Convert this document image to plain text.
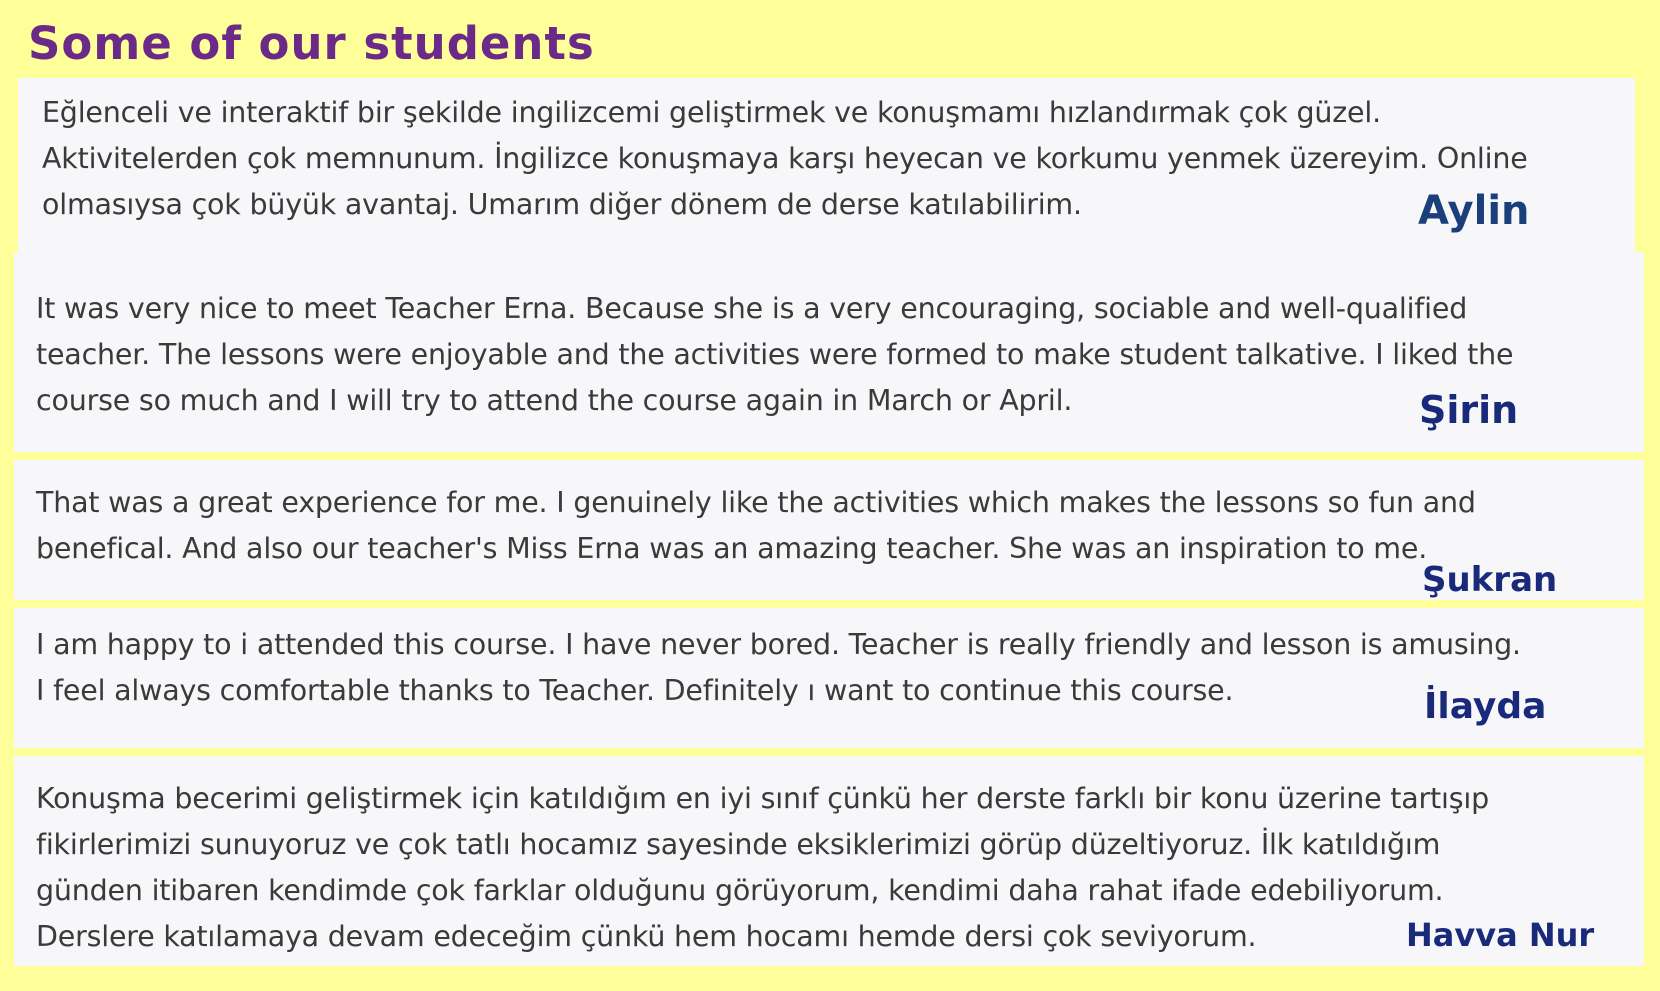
Some of our students

Eğlenceli ve interaktif bir şekilde ingilizcemi geliştirmek ve konuşmamı hızlandırmak çok güzel.
Aktivitelerden çok memnunum. İngilizce konuşmaya karşı heyecan ve korkumu yenmek üzereyim. Online
olmasıysa çok büyük avantaj. Umarım diğer dönem de derse katılabilirim.	Aylin

It was very nice to meet Teacher Erna. Because she is a very encouraging, sociable and well-qualified
teacher. The lessons were enjoyable and the activities were formed to make student talkative. I liked the
course so much and I will try to attend the course again in March or April.	Şirin

That was a great experience for me. I genuinely like the activities which makes the lessons so fun and
benefical. And also our teacher's Miss Erna was an amazing teacher. She was an inspiration to me.

Şukran

I am happy to i attended this course. I have never bored. Teacher is really friendly and lesson is amusing.
I feel always comfortable thanks to Teacher. Definitely ı want to continue this course.	İlayda

Konuşma becerimi geliştirmek için katıldığım en iyi sınıf çünkü her derste farklı bir konu üzerine tartışıp
fikirlerimizi sunuyoruz ve çok tatlı hocamız sayesinde eksiklerimizi görüp düzeltiyoruz. İlk katıldığım
günden itibaren kendimde çok farklar olduğunu görüyorum, kendimi daha rahat ifade edebiliyorum.
Derslere katılamaya devam edeceğim çünkü hem hocamı hemde dersi çok seviyorum.	Havva Nur
